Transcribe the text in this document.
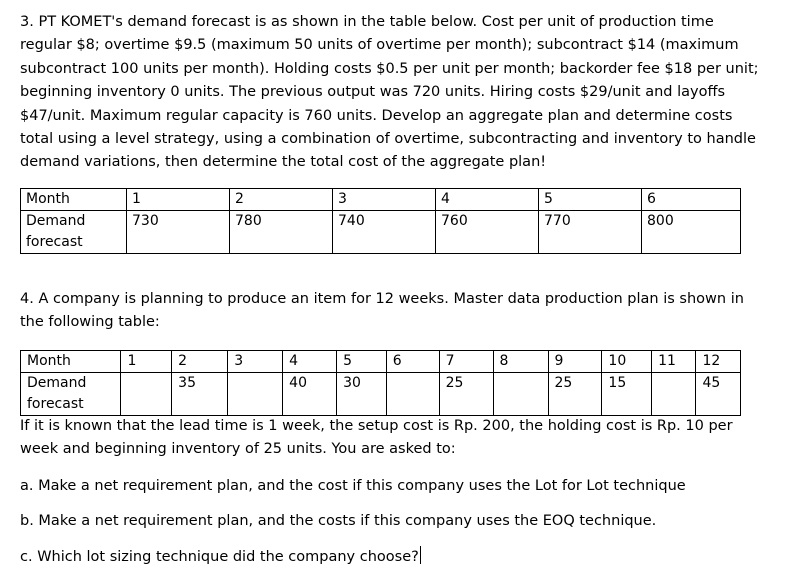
3. PT KOMET's demand forecast is as shown in the table below. Cost per unit of production time regular $8; overtime $9.5 (maximum 50 units of overtime per month); subcontract $14 (maximum subcontract 100 units per month). Holding costs $0.5 per unit per month; backorder fee $18 per unit; beginning inventory 0 units. The previous output was 720 units. Hiring costs $29/unit and layoffs $47/unit. Maximum regular capacity is 760 units. Develop an aggregate plan and determine costs total using a level strategy, using a combination of overtime, subcontracting and inventory to handle demand variations, then determine the total cost of the aggregate plan!

Month	1	2	3	4	5	6
Demand forecast	730	780	740	760	770	800

4. A company is planning to produce an item for 12 weeks. Master data production plan is shown in the following table:

Month	1	2	3	4	5	6	7	8	9	10	11	12
Demand forecast		35		40	30		25		25	15		45

If it is known that the lead time is 1 week, the setup cost is Rp. 200, the holding cost is Rp. 10 per week and beginning inventory of 25 units. You are asked to:

a. Make a net requirement plan, and the cost if this company uses the Lot for Lot technique

b. Make a net requirement plan, and the costs if this company uses the EOQ technique.

c. Which lot sizing technique did the company choose?
